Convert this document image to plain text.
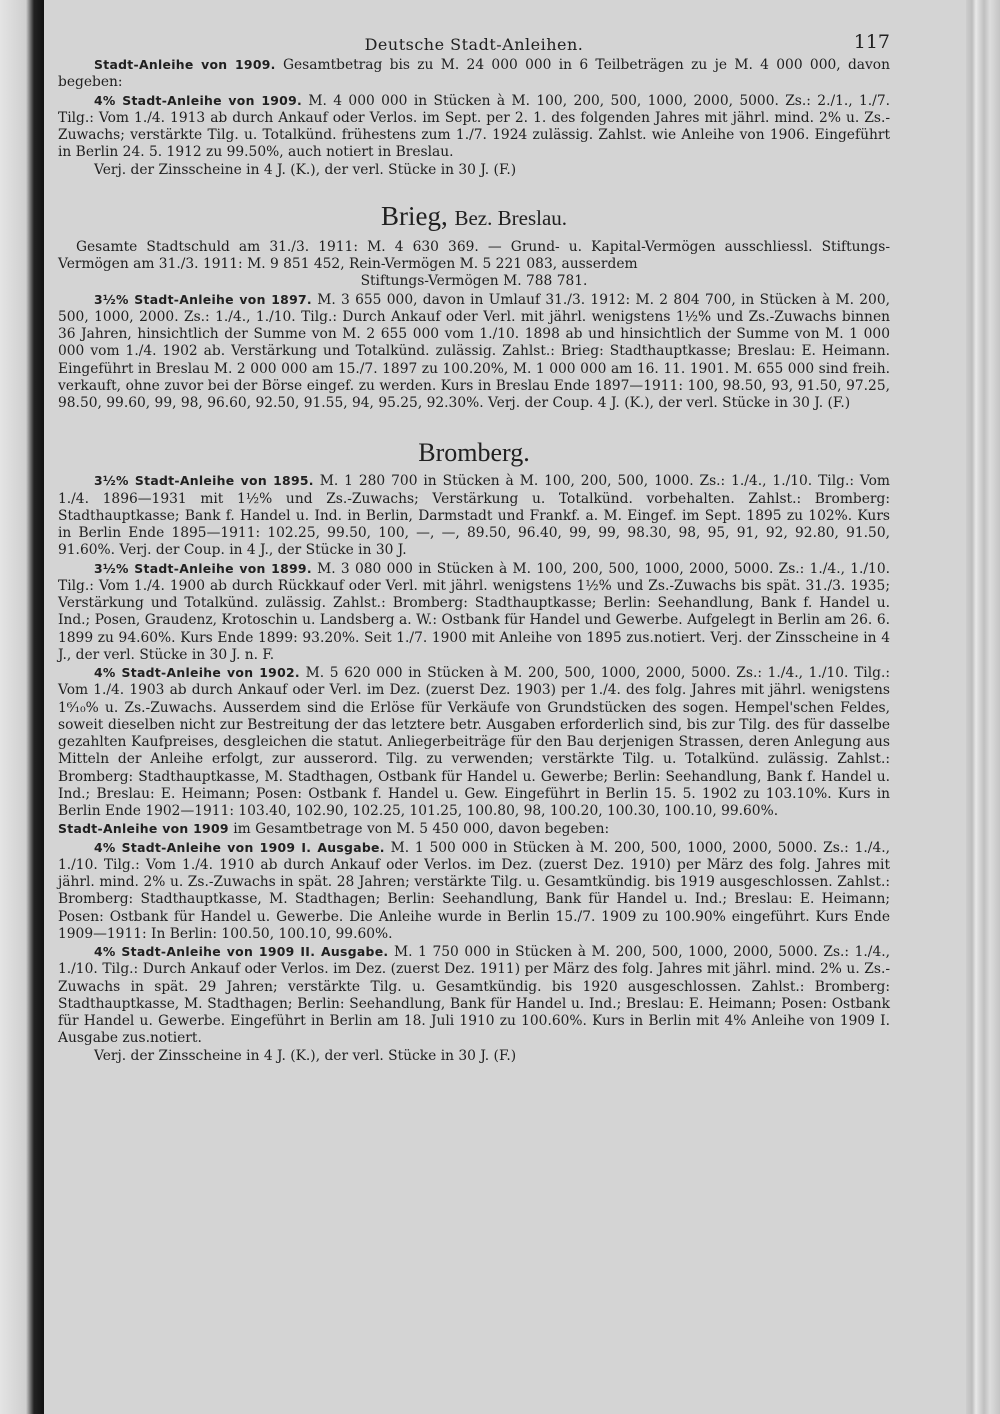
Deutsche Stadt-Anleihen.	117

Stadt-Anleihe von 1909. Gesamtbetrag bis zu M. 24 000 000 in 6 Teilbeträgen zu je M. 4 000 000, davon begeben:

4% Stadt-Anleihe von 1909. M. 4 000 000 in Stücken à M. 100, 200, 500, 1000, 2000, 5000. Zs.: 2./1., 1./7. Tilg.: Vom 1./4. 1913 ab durch Ankauf oder Verlos. im Sept. per 2. 1. des folgenden Jahres mit jährl. mind. 2% u. Zs.-Zuwachs; verstärkte Tilg. u. Totalkünd. frühestens zum 1./7. 1924 zulässig. Zahlst. wie Anleihe von 1906. Eingeführt in Berlin 24. 5. 1912 zu 99.50%, auch notiert in Breslau.

Verj. der Zinsscheine in 4 J. (K.), der verl. Stücke in 30 J. (F.)

Brieg, Bez. Breslau.

Gesamte Stadtschuld am 31./3. 1911: M. 4 630 369. — Grund- u. Kapital-Vermögen ausschliessl. Stiftungs-Vermögen am 31./3. 1911: M. 9 851 452, Rein-Vermögen M. 5 221 083, ausserdem

Stiftungs-Vermögen M. 788 781.

3½% Stadt-Anleihe von 1897. M. 3 655 000, davon in Umlauf 31./3. 1912: M. 2 804 700, in Stücken à M. 200, 500, 1000, 2000. Zs.: 1./4., 1./10. Tilg.: Durch Ankauf oder Verl. mit jährl. wenigstens 1½% und Zs.-Zuwachs binnen 36 Jahren, hinsichtlich der Summe von M. 2 655 000 vom 1./10. 1898 ab und hinsichtlich der Summe von M. 1 000 000 vom 1./4. 1902 ab. Verstärkung und Totalkünd. zulässig. Zahlst.: Brieg: Stadthauptkasse; Breslau: E. Heimann. Eingeführt in Breslau M. 2 000 000 am 15./7. 1897 zu 100.20%, M. 1 000 000 am 16. 11. 1901. M. 655 000 sind freih. verkauft, ohne zuvor bei der Börse eingef. zu werden. Kurs in Breslau Ende 1897—1911: 100, 98.50, 93, 91.50, 97.25, 98.50, 99.60, 99, 98, 96.60, 92.50, 91.55, 94, 95.25, 92.30%. Verj. der Coup. 4 J. (K.), der verl. Stücke in 30 J. (F.)

Bromberg.

3½% Stadt-Anleihe von 1895. M. 1 280 700 in Stücken à M. 100, 200, 500, 1000. Zs.: 1./4., 1./10. Tilg.: Vom 1./4. 1896—1931 mit 1½% und Zs.-Zuwachs; Verstärkung u. Totalkünd. vorbehalten. Zahlst.: Bromberg: Stadthauptkasse; Bank f. Handel u. Ind. in Berlin, Darmstadt und Frankf. a. M. Eingef. im Sept. 1895 zu 102%. Kurs in Berlin Ende 1895—1911: 102.25, 99.50, 100, —, —, 89.50, 96.40, 99, 99, 98.30, 98, 95, 91, 92, 92.80, 91.50, 91.60%. Verj. der Coup. in 4 J., der Stücke in 30 J.

3½% Stadt-Anleihe von 1899. M. 3 080 000 in Stücken à M. 100, 200, 500, 1000, 2000, 5000. Zs.: 1./4., 1./10. Tilg.: Vom 1./4. 1900 ab durch Rückkauf oder Verl. mit jährl. wenigstens 1½% und Zs.-Zuwachs bis spät. 31./3. 1935; Verstärkung und Totalkünd. zulässig. Zahlst.: Bromberg: Stadthauptkasse; Berlin: Seehandlung, Bank f. Handel u. Ind.; Posen, Graudenz, Krotoschin u. Landsberg a. W.: Ostbank für Handel und Gewerbe. Aufgelegt in Berlin am 26. 6. 1899 zu 94.60%. Kurs Ende 1899: 93.20%. Seit 1./7. 1900 mit Anleihe von 1895 zus.notiert. Verj. der Zinsscheine in 4 J., der verl. Stücke in 30 J. n. F.

4% Stadt-Anleihe von 1902. M. 5 620 000 in Stücken à M. 200, 500, 1000, 2000, 5000. Zs.: 1./4., 1./10. Tilg.: Vom 1./4. 1903 ab durch Ankauf oder Verl. im Dez. (zuerst Dez. 1903) per 1./4. des folg. Jahres mit jährl. wenigstens 1⁶⁄₁₀% u. Zs.-Zuwachs. Ausserdem sind die Erlöse für Verkäufe von Grundstücken des sogen. Hempel'schen Feldes, soweit dieselben nicht zur Bestreitung der das letztere betr. Ausgaben erforderlich sind, bis zur Tilg. des für dasselbe gezahlten Kaufpreises, desgleichen die statut. Anliegerbeiträge für den Bau derjenigen Strassen, deren Anlegung aus Mitteln der Anleihe erfolgt, zur ausserord. Tilg. zu verwenden; verstärkte Tilg. u. Totalkünd. zulässig. Zahlst.: Bromberg: Stadthauptkasse, M. Stadthagen, Ostbank für Handel u. Gewerbe; Berlin: Seehandlung, Bank f. Handel u. Ind.; Breslau: E. Heimann; Posen: Ostbank f. Handel u. Gew. Eingeführt in Berlin 15. 5. 1902 zu 103.10%. Kurs in Berlin Ende 1902—1911: 103.40, 102.90, 102.25, 101.25, 100.80, 98, 100.20, 100.30, 100.10, 99.60%.

Stadt-Anleihe von 1909 im Gesamtbetrage von M. 5 450 000, davon begeben:

4% Stadt-Anleihe von 1909 I. Ausgabe. M. 1 500 000 in Stücken à M. 200, 500, 1000, 2000, 5000. Zs.: 1./4., 1./10. Tilg.: Vom 1./4. 1910 ab durch Ankauf oder Verlos. im Dez. (zuerst Dez. 1910) per März des folg. Jahres mit jährl. mind. 2% u. Zs.-Zuwachs in spät. 28 Jahren; verstärkte Tilg. u. Gesamtkündig. bis 1919 ausgeschlossen. Zahlst.: Bromberg: Stadthauptkasse, M. Stadthagen; Berlin: Seehandlung, Bank für Handel u. Ind.; Breslau: E. Heimann; Posen: Ostbank für Handel u. Gewerbe. Die Anleihe wurde in Berlin 15./7. 1909 zu 100.90% eingeführt. Kurs Ende 1909—1911: In Berlin: 100.50, 100.10, 99.60%.

4% Stadt-Anleihe von 1909 II. Ausgabe. M. 1 750 000 in Stücken à M. 200, 500, 1000, 2000, 5000. Zs.: 1./4., 1./10. Tilg.: Durch Ankauf oder Verlos. im Dez. (zuerst Dez. 1911) per März des folg. Jahres mit jährl. mind. 2% u. Zs.-Zuwachs in spät. 29 Jahren; verstärkte Tilg. u. Gesamtkündig. bis 1920 ausgeschlossen. Zahlst.: Bromberg: Stadthauptkasse, M. Stadthagen; Berlin: Seehandlung, Bank für Handel u. Ind.; Breslau: E. Heimann; Posen: Ostbank für Handel u. Gewerbe. Eingeführt in Berlin am 18. Juli 1910 zu 100.60%. Kurs in Berlin mit 4% Anleihe von 1909 I. Ausgabe zus.notiert.

Verj. der Zinsscheine in 4 J. (K.), der verl. Stücke in 30 J. (F.)
